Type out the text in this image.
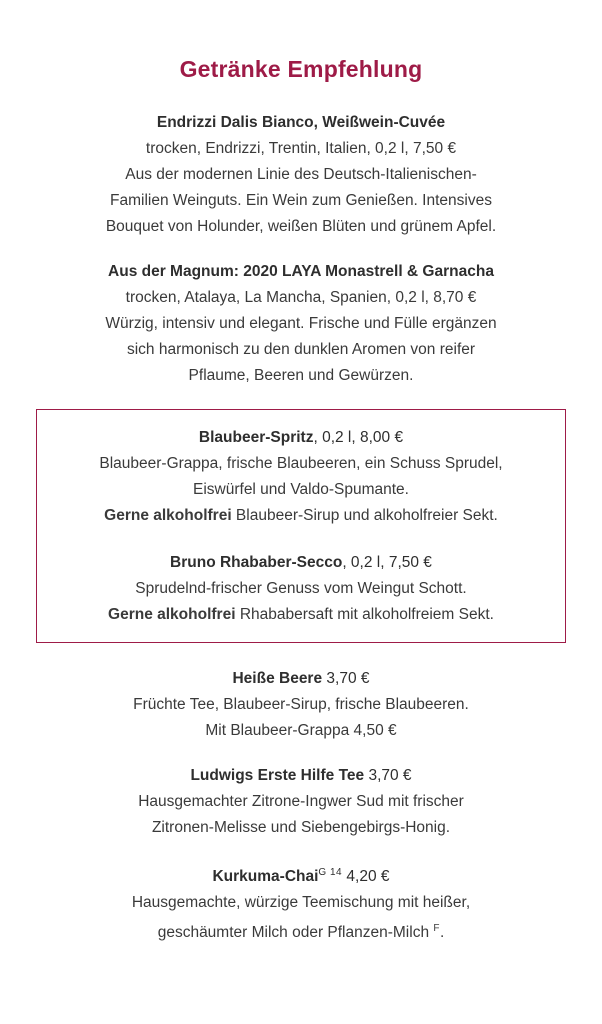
Getränke Empfehlung
Endrizzi Dalis Bianco, Weißwein-Cuvée
trocken, Endrizzi, Trentin, Italien, 0,2 l, 7,50 €
Aus der modernen Linie des Deutsch-Italienischen-
Familien Weinguts. Ein Wein zum Genießen. Intensives
Bouquet von Holunder, weißen Blüten und grünem Apfel.
Aus der Magnum: 2020 LAYA Monastrell & Garnacha
trocken, Atalaya, La Mancha, Spanien, 0,2 l, 8,70 €
Würzig, intensiv und elegant. Frische und Fülle ergänzen
sich harmonisch zu den dunklen Aromen von reifer
Pflaume, Beeren und Gewürzen.
Blaubeer-Spritz, 0,2 l, 8,00 €
Blaubeer-Grappa, frische Blaubeeren, ein Schuss Sprudel,
Eiswürfel und Valdo-Spumante.
Gerne alkoholfrei Blaubeer-Sirup und alkoholfreier Sekt.
Bruno Rhababer-Secco, 0,2 l, 7,50 €
Sprudelnd-frischer Genuss vom Weingut Schott.
Gerne alkoholfrei Rhababersaft mit alkoholfreiem Sekt.
Heiße Beere 3,70 €
Früchte Tee, Blaubeer-Sirup, frische Blaubeeren.
Mit Blaubeer-Grappa 4,50 €
Ludwigs Erste Hilfe Tee 3,70 €
Hausgemachter Zitrone-Ingwer Sud mit frischer
Zitronen-Melisse und Siebengebirgs-Honig.
Kurkuma-Chai$^{G 14}$ 4,20 €
Hausgemachte, würzige Teemischung mit heißer,
geschäumter Milch oder Pflanzen-Milch $^F$.
